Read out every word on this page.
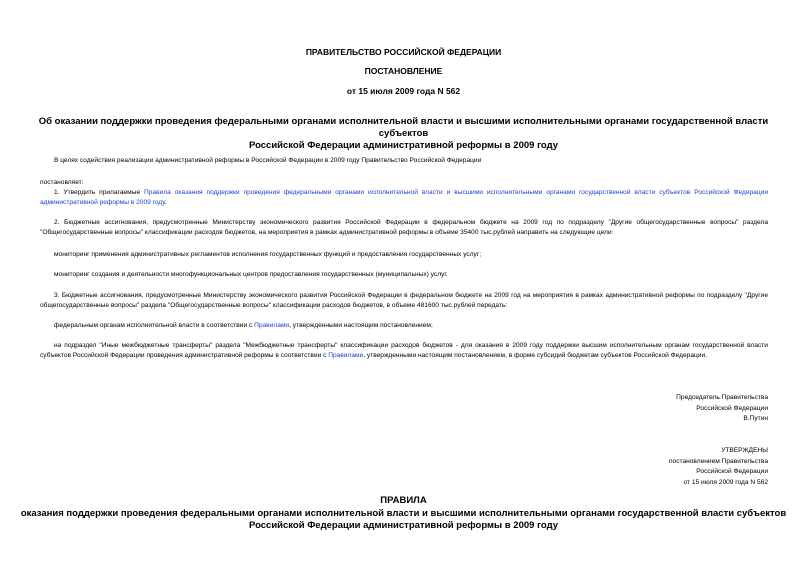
ПРАВИТЕЛЬСТВО РОССИЙСКОЙ ФЕДЕРАЦИИ
ПОСТАНОВЛЕНИЕ
от 15 июля 2009 года N 562
Об оказании поддержки проведения федеральными органами исполнительной власти и высшими исполнительными органами государственной власти субъектов
Российской Федерации административной реформы в 2009 году
В целях содействия реализации административной реформы в Российской Федерации в 2009 году Правительство Российской Федерации
постановляет:
1. Утвердить прилагаемые Правила оказания поддержки проведения федеральными органами исполнительной власти и высшими исполнительными органами государственной власти субъектов Российской Федерации административной реформы в 2009 году.
2. Бюджетные ассигнования, предусмотренные Министерству экономического развития Российской Федерации в федеральном бюджете на 2009 год по подразделу "Другие общегосударственные вопросы" раздела "Общегосударственные вопросы" классификации расходов бюджетов, на мероприятия в рамках административной реформы в объеме 35400 тыс.рублей направить на следующие цели:
мониторинг применения административных регламентов исполнения государственных функций и предоставления государственных услуг;
мониторинг создания и деятельности многофункциональных центров предоставления государственных (муниципальных) услуг.
3. Бюджетные ассигнования, предусмотренные Министерству экономического развития Российской Федерации в федеральном бюджете на 2009 год на мероприятия в рамках административной реформы по подразделу "Другие общегосударственные вопросы" раздела "Общегосударственные вопросы" классификации расходов бюджетов, в объеме 481600 тыс.рублей передать:
федеральным органам исполнительной власти в соответствии с Правилами, утвержденными настоящим постановлением;
на подраздел "Иные межбюджетные трансферты" раздела "Межбюджетные трансферты" классификации расходов бюджетов - для оказания в 2009 году поддержки высшим исполнительным органам государственной власти субъектов Российской Федерации проведения административной реформы в соответствии с Правилами, утвержденными настоящим постановлением, в форме субсидий бюджетам субъектов Российской Федерации.
Председатель Правительства
Российской Федерации
В.Путин
УТВЕРЖДЕНЫ
постановлением Правительства
Российской Федерации
от 15 июля 2009 года N 562
ПРАВИЛА
оказания поддержки проведения федеральными органами исполнительной власти и высшими исполнительными органами государственной власти субъектов
Российской Федерации административной реформы в 2009 году
